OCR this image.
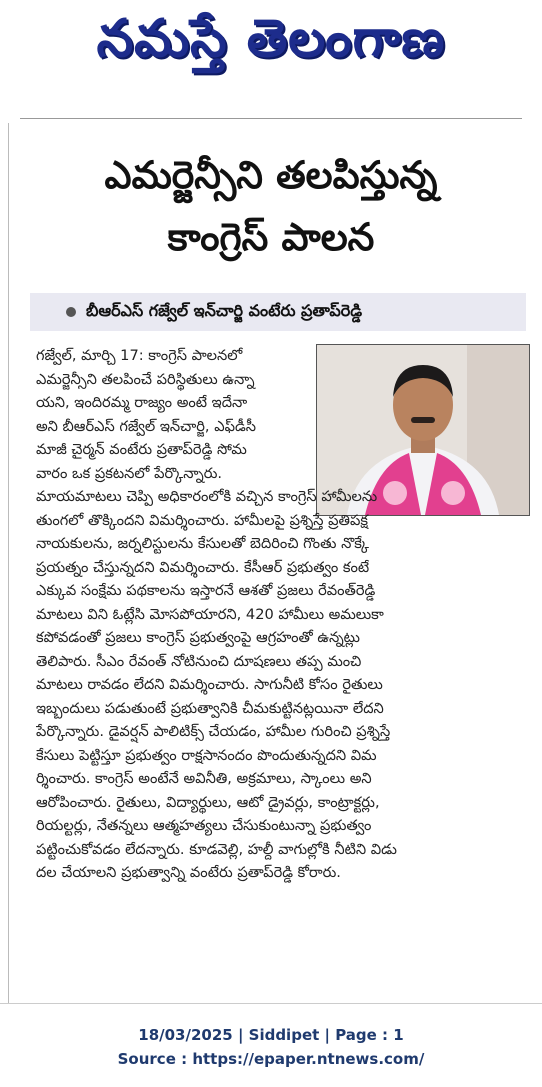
నమస్తే తెలంగాణ
ఎమర్జెన్సీని తలపిస్తున్న
కాంగ్రెస్ పాలన
బీఆర్ఎస్ గజ్వేల్ ఇన్‌చార్జి వంటేరు ప్రతాప్‌రెడ్డి
గజ్వేల్, మార్చి 17: కాంగ్రెస్ పాలనలో
ఎమర్జెన్సీని తలపించే పరిస్థితులు ఉన్నా
యని, ఇందిరమ్మ రాజ్యం అంటే ఇదేనా
అని బీఆర్ఎస్ గజ్వేల్ ఇన్‌చార్జి, ఎఫ్‌డీసీ
మాజీ చైర్మన్ వంటేరు ప్రతాప్‌రెడ్డి సోమ
వారం ఒక ప్రకటనలో పేర్కొన్నారు.
మాయమాటలు చెప్పి అధికారంలోకి వచ్చిన కాంగ్రెస్ హామీలను
తుంగలో తొక్కిందని విమర్శించారు. హామీలపై ప్రశ్నిస్తే ప్రతిపక్ష
నాయకులను, జర్నలిస్టులను కేసులతో బెదిరించి గొంతు నొక్కే
ప్రయత్నం చేస్తున్నదని విమర్శించారు. కేసీఆర్ ప్రభుత్వం కంటే
ఎక్కువ సంక్షేమ పథకాలను ఇస్తారనే ఆశతో ప్రజలు రేవంత్‌రెడ్డి
మాటలు విని ఓట్లేసి మోసపోయారని, 420 హామీలు అమలుకా
కపోవడంతో ప్రజలు కాంగ్రెస్ ప్రభుత్వంపై ఆగ్రహంతో ఉన్నట్లు
తెలిపారు. సీఎం రేవంత్ నోటినుంచి దూషణలు తప్ప మంచి
మాటలు రావడం లేదని విమర్శించారు. సాగునీటి కోసం రైతులు
ఇబ్బందులు పడుతుంటే ప్రభుత్వానికి చీమకుట్టినట్లయినా లేదని
పేర్కొన్నారు. డైవర్షన్ పాలిటిక్స్ చేయడం, హామీల గురించి ప్రశ్నిస్తే
కేసులు పెట్టిస్తూ ప్రభుత్వం రాక్షసానందం పొందుతున్నదని విమ
ర్శించారు. కాంగ్రెస్ అంటేనే అవినీతి, అక్రమాలు, స్కాంలు అని
ఆరోపించారు. రైతులు, విద్యార్థులు, ఆటో డ్రైవర్లు, కాంట్రాక్టర్లు,
రియల్టర్లు, నేతన్నలు ఆత్మహత్యలు చేసుకుంటున్నా ప్రభుత్వం
పట్టించుకోవడం లేదన్నారు. కూడవెల్లి, హల్దీ వాగుల్లోకి నీటిని విడు
దల చేయాలని ప్రభుత్వాన్ని వంటేరు ప్రతాప్‌రెడ్డి కోరారు.
18/03/2025 | Siddipet | Page : 1
Source : https://epaper.ntnews.com/
